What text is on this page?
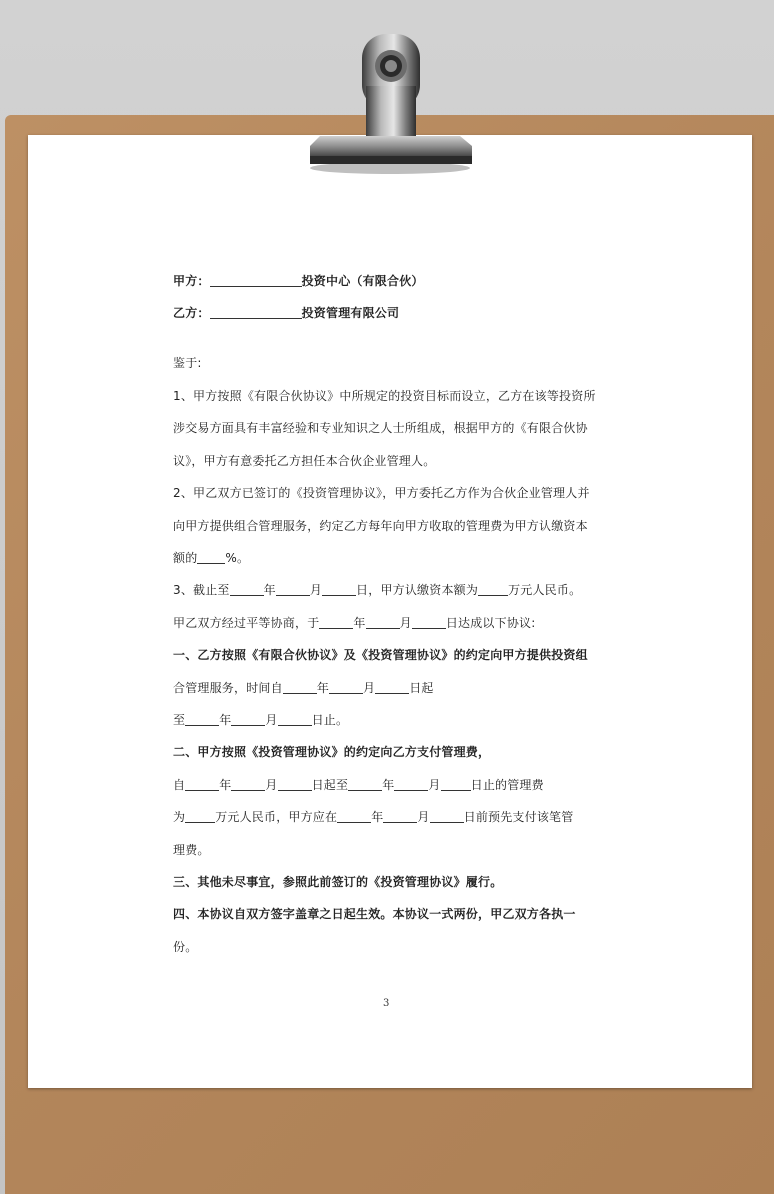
甲方：	投资中心（有限合伙）
乙方：	投资管理有限公司
鉴于:
1、甲方按照《有限合伙协议》中所规定的投资目标而设立，乙方在该等投资所
涉交易方面具有丰富经验和专业知识之人士所组成，根据甲方的《有限合伙协
议》，甲方有意委托乙方担任本合伙企业管理人。
2、甲乙双方已签订的《投资管理协议》，甲方委托乙方作为合伙企业管理人并
向甲方提供组合管理服务，约定乙方每年向甲方收取的管理费为甲方认缴资本
额的 %。
3、截止至	年	月	日，甲方认缴资本额为	万元人民币。
甲乙双方经过平等协商，于	年	月	日达成以下协议:
一、乙方按照《有限合伙协议》及《投资管理协议》的约定向甲方提供投资组
合管理服务，时间自	年	月	日起
至	年	月	日止。
二、甲方按照《投资管理协议》的约定向乙方支付管理费，
自	年	月	日起至	年	月	日止的管理费
为	万元人民币，甲方应在	年	月	日前预先支付该笔管
理费。
三、其他未尽事宜，参照此前签订的《投资管理协议》履行。
四、本协议自双方签字盖章之日起生效。本协议一式两份，甲乙双方各执一
份。
3
